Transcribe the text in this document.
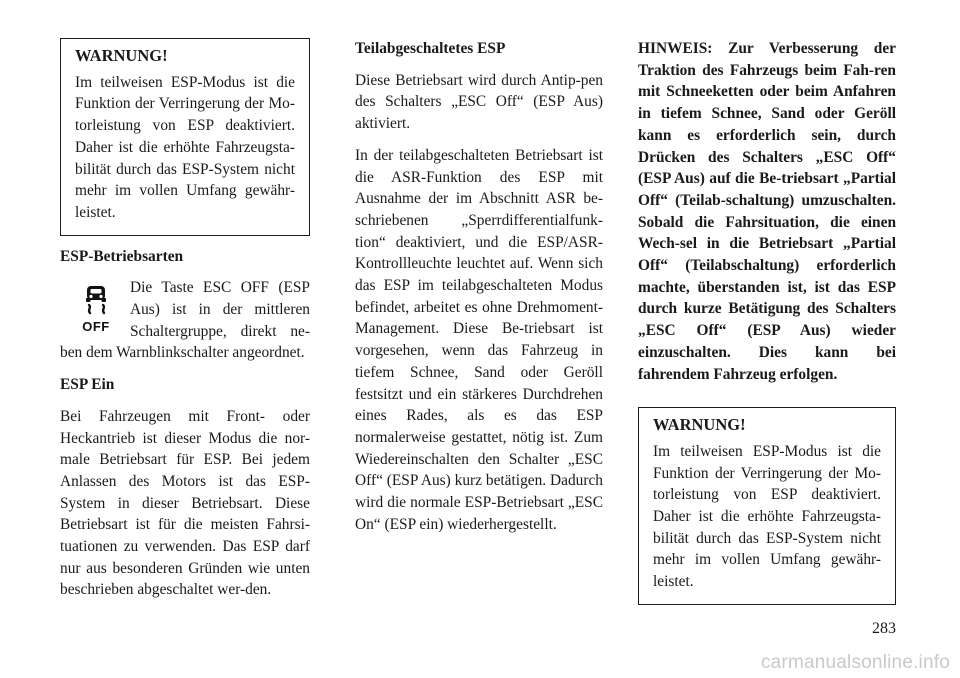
WARNUNG!

Im teilweisen ESP-Modus ist die Funktion der Verringerung der Mo-torleistung von ESP deaktiviert. Daher ist die erhöhte Fahrzeugsta-bilität durch das ESP-System nicht mehr im vollen Umfang gewähr-leistet.

ESP-Betriebsarten
OFF

Die Taste ESC OFF (ESP Aus) ist in der mittleren Schaltergruppe, direkt ne-ben dem Warnblinkschalter angeordnet.

ESP Ein

Bei Fahrzeugen mit Front- oder Heckantrieb ist dieser Modus die nor-male Betriebsart für ESP. Bei jedem Anlassen des Motors ist das ESP-System in dieser Betriebsart. Diese Betriebsart ist für die meisten Fahrsi-tuationen zu verwenden. Das ESP darf nur aus besonderen Gründen wie unten beschrieben abgeschaltet wer-den.

Teilabgeschaltetes ESP

Diese Betriebsart wird durch Antip-pen des Schalters „ESC Off“ (ESP Aus) aktiviert.

In der teilabgeschalteten Betriebsart ist die ASR-Funktion des ESP mit Ausnahme der im Abschnitt ASR be-schriebenen „Sperrdifferentialfunk-tion“ deaktiviert, und die ESP/ASR-Kontrollleuchte leuchtet auf. Wenn sich das ESP im teilabgeschalteten Modus befindet, arbeitet es ohne Drehmoment-Management. Diese Be-triebsart ist vorgesehen, wenn das Fahrzeug in tiefem Schnee, Sand oder Geröll festsitzt und ein stärkeres Durchdrehen eines Rades, als es das ESP normalerweise gestattet, nötig ist. Zum Wiedereinschalten den Schalter „ESC Off“ (ESP Aus) kurz betätigen. Dadurch wird die normale ESP-Betriebsart „ESC On“ (ESP ein) wiederhergestellt.

HINWEIS: Zur Verbesserung der Traktion des Fahrzeugs beim Fah-ren mit Schneeketten oder beim Anfahren in tiefem Schnee, Sand oder Geröll kann es erforderlich sein, durch Drücken des Schalters „ESC Off“ (ESP Aus) auf die Be-triebsart „Partial Off“ (Teilab-schaltung) umzuschalten. Sobald die Fahrsituation, die einen Wech-sel in die Betriebsart „Partial Off“ (Teilabschaltung) erforderlich machte, überstanden ist, ist das ESP durch kurze Betätigung des Schalters „ESC Off“ (ESP Aus) wieder einzuschalten. Dies kann bei fahrendem Fahrzeug erfolgen.

WARNUNG!

Im teilweisen ESP-Modus ist die Funktion der Verringerung der Mo-torleistung von ESP deaktiviert. Daher ist die erhöhte Fahrzeugsta-bilität durch das ESP-System nicht mehr im vollen Umfang gewähr-leistet.

283
carmanualsonline.info
